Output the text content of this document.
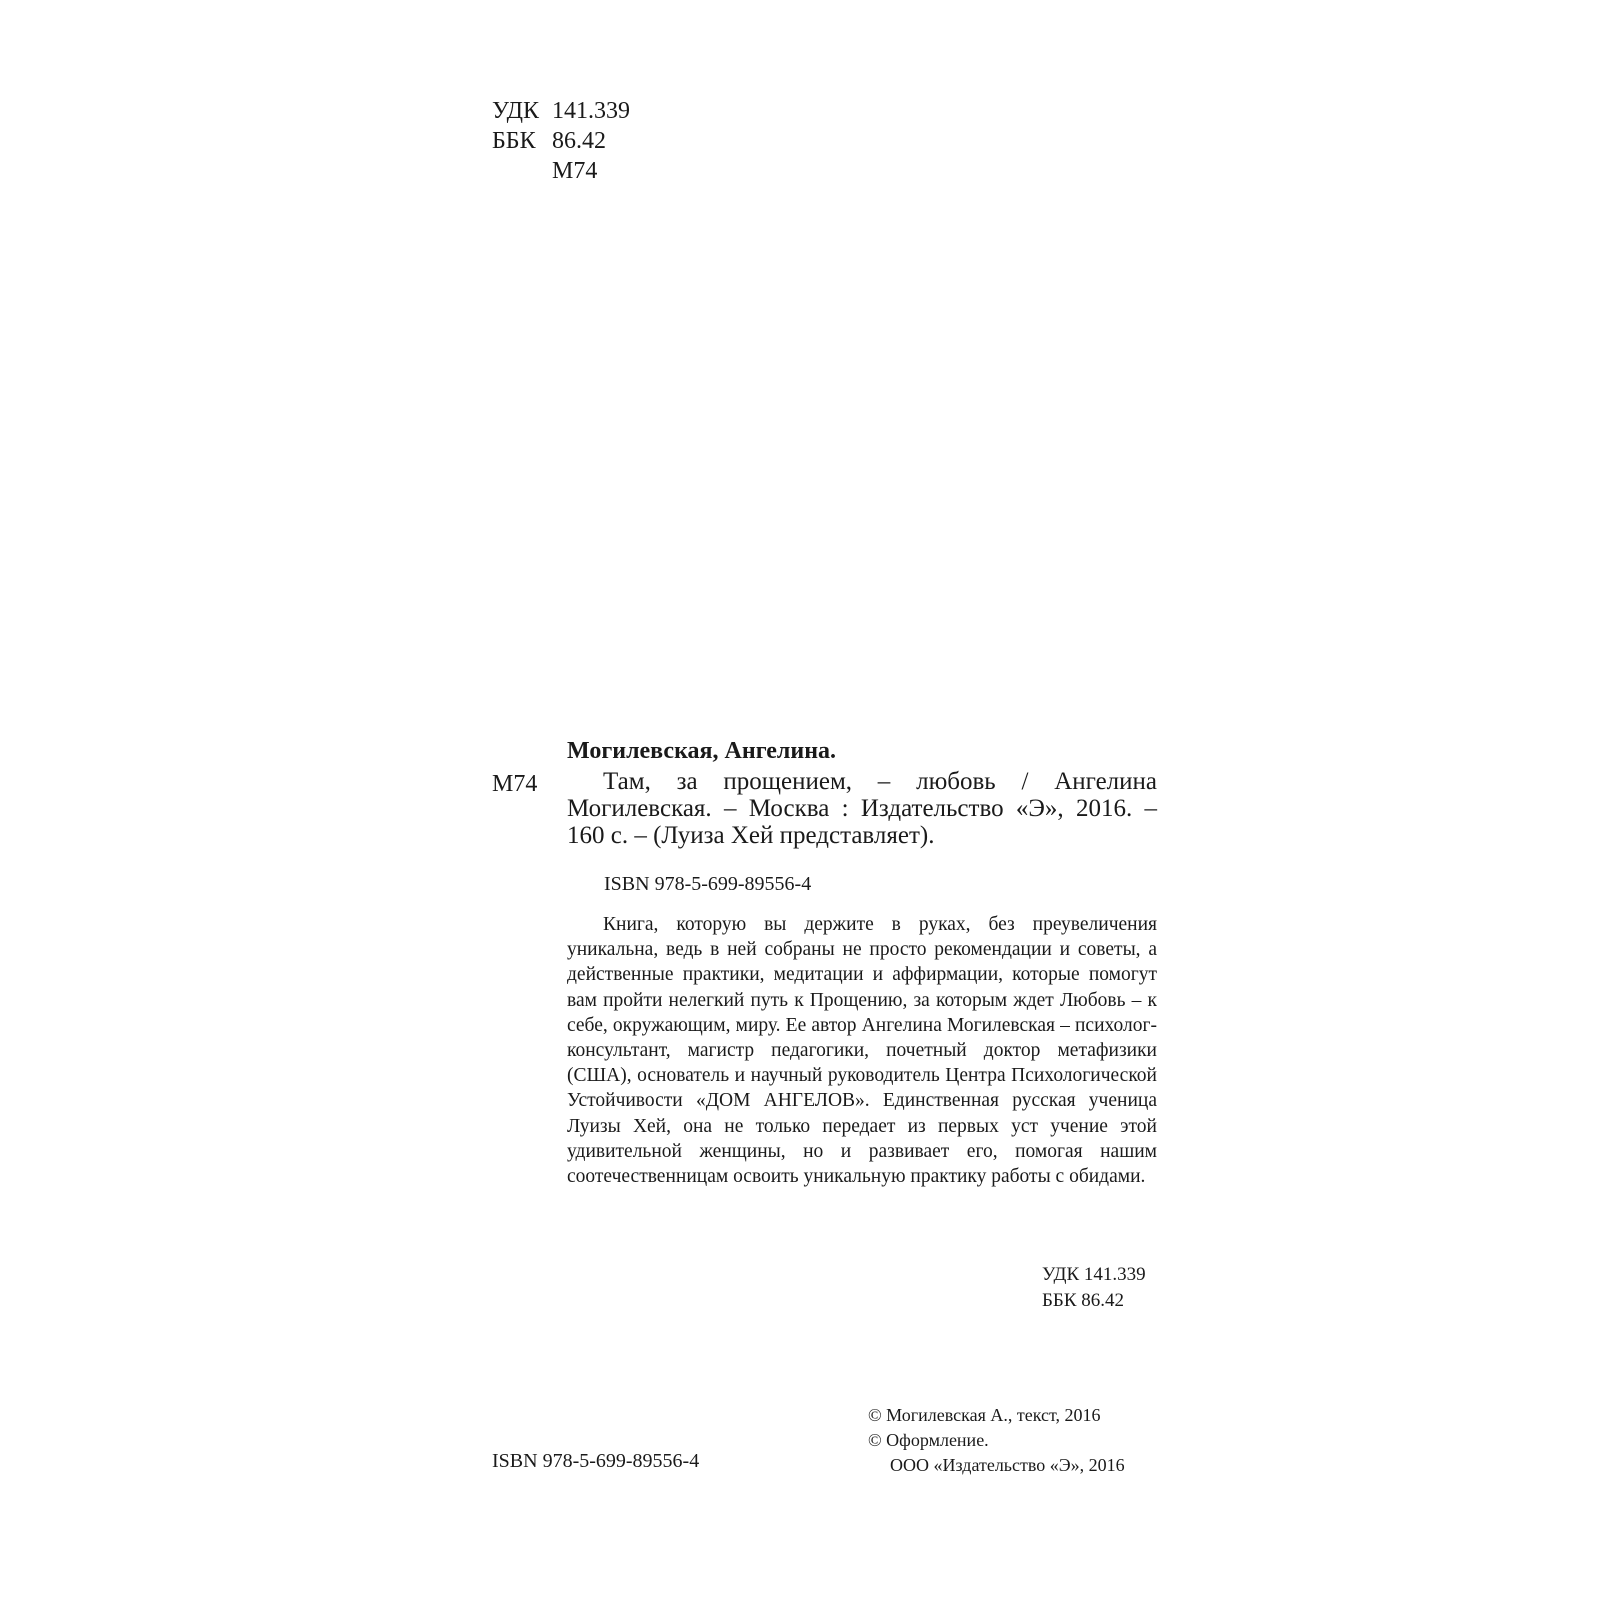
УДК 141.339
ББК 86.42
М74
Могилевская, Ангелина.
М74	Там, за прощением, – любовь / Ангелина Могилевская. – Москва : Издательство «Э», 2016. – 160 с. – (Луиза Хей представляет).
ISBN 978-5-699-89556-4
Книга, которую вы держите в руках, без преувеличения уникальна, ведь в ней собраны не просто рекомендации и советы, а действенные практики, медитации и аффирмации, которые помогут вам пройти нелегкий путь к Прощению, за которым ждет Любовь – к себе, окружающим, миру. Ее автор Ангелина Могилевская – психолог-консультант, магистр педагогики, почетный доктор метафизики (США), основатель и научный руководитель Центра Психологической Устойчивости «ДОМ АНГЕЛОВ». Единственная русская ученица Луизы Хей, она не только передает из первых уст учение этой удивительной женщины, но и развивает его, помогая нашим соотечественницам освоить уникальную практику работы с обидами.
УДК 141.339
ББК 86.42
© Могилевская А., текст, 2016
© Оформление.
ООО «Издательство «Э», 2016
ISBN 978-5-699-89556-4
